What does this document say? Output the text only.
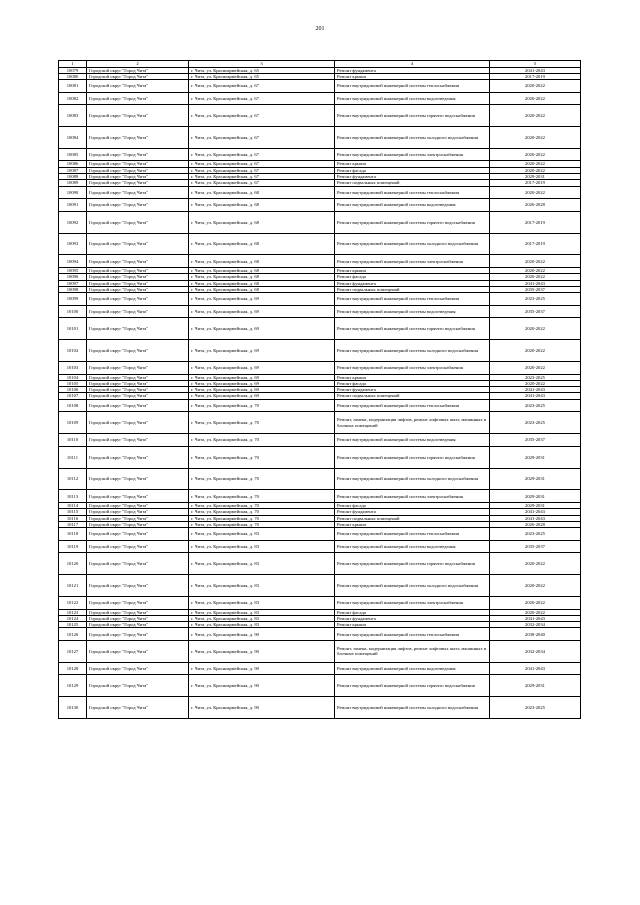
201
1	2	3	4	5
10079	Городской округ "Город Чита"	г. Чита, ул. Красноармейская, д. 65	Ремонт фундамента	2041-2043
10080	Городской округ "Город Чита"	г. Чита, ул. Красноармейская, д. 65	Ремонт крыши	2017-2019
10081	Городской округ "Город Чита"	г. Чита, ул. Красноармейская, д. 67	Ремонт внутридомовой инженерной системы теплоснабжения	2020-2022
10082	Городской округ "Город Чита"	г. Чита, ул. Красноармейская, д. 67	Ремонт внутридомовой инженерной системы водоотведения	2020-2022
10083	Городской округ "Город Чита"	г. Чита, ул. Красноармейская, д. 67	Ремонт внутридомовой инженерной системы горячего водоснабжения	2020-2022
10084	Городской округ "Город Чита"	г. Чита, ул. Красноармейская, д. 67	Ремонт внутридомовой инженерной системы холодного водоснабжения	2020-2022
10085	Городской округ "Город Чита"	г. Чита, ул. Красноармейская, д. 67	Ремонт внутридомовой инженерной системы электроснабжения	2020-2022
10086	Городской округ "Город Чита"	г. Чита, ул. Красноармейская, д. 67	Ремонт крыши	2020-2022
10087	Городской округ "Город Чита"	г. Чита, ул. Красноармейская, д. 67	Ремонт фасада	2020-2022
10088	Городской округ "Город Чита"	г. Чита, ул. Красноармейская, д. 67	Ремонт фундамента	2029-2031
10089	Городской округ "Город Чита"	г. Чита, ул. Красноармейская, д. 67	Ремонт подвальных помещений	2017-2019
10090	Городской округ "Город Чита"	г. Чита, ул. Красноармейская, д. 68	Ремонт внутридомовой инженерной системы теплоснабжения	2020-2022
10091	Городской округ "Город Чита"	г. Чита, ул. Красноармейская, д. 68	Ремонт внутридомовой инженерной системы водоотведения	2026-2028
10092	Городской округ "Город Чита"	г. Чита, ул. Красноармейская, д. 68	Ремонт внутридомовой инженерной системы горячего водоснабжения	2017-2019
10093	Городской округ "Город Чита"	г. Чита, ул. Красноармейская, д. 68	Ремонт внутридомовой инженерной системы холодного водоснабжения	2017-2019
10094	Городской округ "Город Чита"	г. Чита, ул. Красноармейская, д. 68	Ремонт внутридомовой инженерной системы электроснабжения	2020-2022
10095	Городской округ "Город Чита"	г. Чита, ул. Красноармейская, д. 68	Ремонт крыши	2020-2022
10096	Городской округ "Город Чита"	г. Чита, ул. Красноармейская, д. 68	Ремонт фасада	2020-2022
10097	Городской округ "Город Чита"	г. Чита, ул. Красноармейская, д. 68	Ремонт фундамента	2041-2043
10098	Городской округ "Город Чита"	г. Чита, ул. Красноармейская, д. 68	Ремонт подвальных помещений	2035-2037
10099	Городской округ "Город Чита"	г. Чита, ул. Красноармейская, д. 69	Ремонт внутридомовой инженерной системы теплоснабжения	2023-2025
10100	Городской округ "Город Чита"	г. Чита, ул. Красноармейская, д. 69	Ремонт внутридомовой инженерной системы водоотведения	2035-2037
10101	Городской округ "Город Чита"	г. Чита, ул. Красноармейская, д. 69	Ремонт внутридомовой инженерной системы горячего водоснабжения	2020-2022
10102	Городской округ "Город Чита"	г. Чита, ул. Красноармейская, д. 69	Ремонт внутридомовой инженерной системы холодного водоснабжения	2020-2022
10103	Городской округ "Город Чита"	г. Чита, ул. Красноармейская, д. 69	Ремонт внутридомовой инженерной системы электроснабжения	2020-2022
10104	Городской округ "Город Чита"	г. Чита, ул. Красноармейская, д. 69	Ремонт крыши	2023-2025
10105	Городской округ "Город Чита"	г. Чита, ул. Красноармейская, д. 69	Ремонт фасада	2020-2022
10106	Городской округ "Город Чита"	г. Чита, ул. Красноармейская, д. 69	Ремонт фундамента	2041-2043
10107	Городской округ "Город Чита"	г. Чита, ул. Красноармейская, д. 69	Ремонт подвальных помещений	2041-2043
10108	Городской округ "Город Чита"	г. Чита, ул. Красноармейская, д. 70	Ремонт внутридомовой инженерной системы теплоснабжения	2023-2025
10109	Городской округ "Город Чита"	г. Чита, ул. Красноармейская, д. 70	Ремонт, замена, модернизация лифтов, ремонт лифтовых шахт, машинных и блочных помещений	2023-2025
10110	Городской округ "Город Чита"	г. Чита, ул. Красноармейская, д. 70	Ремонт внутридомовой инженерной системы водоотведения	2035-2037
10111	Городской округ "Город Чита"	г. Чита, ул. Красноармейская, д. 70	Ремонт внутридомовой инженерной системы горячего водоснабжения	2029-2031
10112	Городской округ "Город Чита"	г. Чита, ул. Красноармейская, д. 70	Ремонт внутридомовой инженерной системы холодного водоснабжения	2029-2031
10113	Городской округ "Город Чита"	г. Чита, ул. Красноармейская, д. 70	Ремонт внутридомовой инженерной системы электроснабжения	2029-2031
10114	Городской округ "Город Чита"	г. Чита, ул. Красноармейская, д. 70	Ремонт фасада	2029-2031
10115	Городской округ "Город Чита"	г. Чита, ул. Красноармейская, д. 70	Ремонт фундамента	2041-2043
10116	Городской округ "Город Чита"	г. Чита, ул. Красноармейская, д. 70	Ремонт подвальных помещений	2041-2043
10117	Городской округ "Город Чита"	г. Чита, ул. Красноармейская, д. 70	Ремонт крыши	2026-2028
10118	Городской округ "Город Чита"	г. Чита, ул. Красноармейская, д. 83	Ремонт внутридомовой инженерной системы теплоснабжения	2023-2025
10119	Городской округ "Город Чита"	г. Чита, ул. Красноармейская, д. 83	Ремонт внутридомовой инженерной системы водоотведения	2035-2037
10120	Городской округ "Город Чита"	г. Чита, ул. Красноармейская, д. 83	Ремонт внутридомовой инженерной системы горячего водоснабжения	2020-2022
10121	Городской округ "Город Чита"	г. Чита, ул. Красноармейская, д. 83	Ремонт внутридомовой инженерной системы холодного водоснабжения	2020-2022
10122	Городской округ "Город Чита"	г. Чита, ул. Красноармейская, д. 83	Ремонт внутридомовой инженерной системы электроснабжения	2020-2022
10123	Городской округ "Город Чита"	г. Чита, ул. Красноармейская, д. 83	Ремонт фасада	2020-2022
10124	Городской округ "Город Чита"	г. Чита, ул. Красноармейская, д. 83	Ремонт фундамента	2041-2043
10125	Городской округ "Город Чита"	г. Чита, ул. Красноармейская, д. 83	Ремонт крыши	2032-2034
10126	Городской округ "Город Чита"	г. Чита, ул. Красноармейская, д. 90	Ремонт внутридомовой инженерной системы теплоснабжения	2038-2040
10127	Городской округ "Город Чита"	г. Чита, ул. Красноармейская, д. 90	Ремонт, замена, модернизация лифтов, ремонт лифтовых шахт, машинных и блочных помещений	2032-2034
10128	Городской округ "Город Чита"	г. Чита, ул. Красноармейская, д. 90	Ремонт внутридомовой инженерной системы водоотведения	2041-2043
10129	Городской округ "Город Чита"	г. Чита, ул. Красноармейская, д. 90	Ремонт внутридомовой инженерной системы горячего водоснабжения	2029-2031
10130	Городской округ "Город Чита"	г. Чита, ул. Красноармейская, д. 90	Ремонт внутридомовой инженерной системы холодного водоснабжения	2023-2025
